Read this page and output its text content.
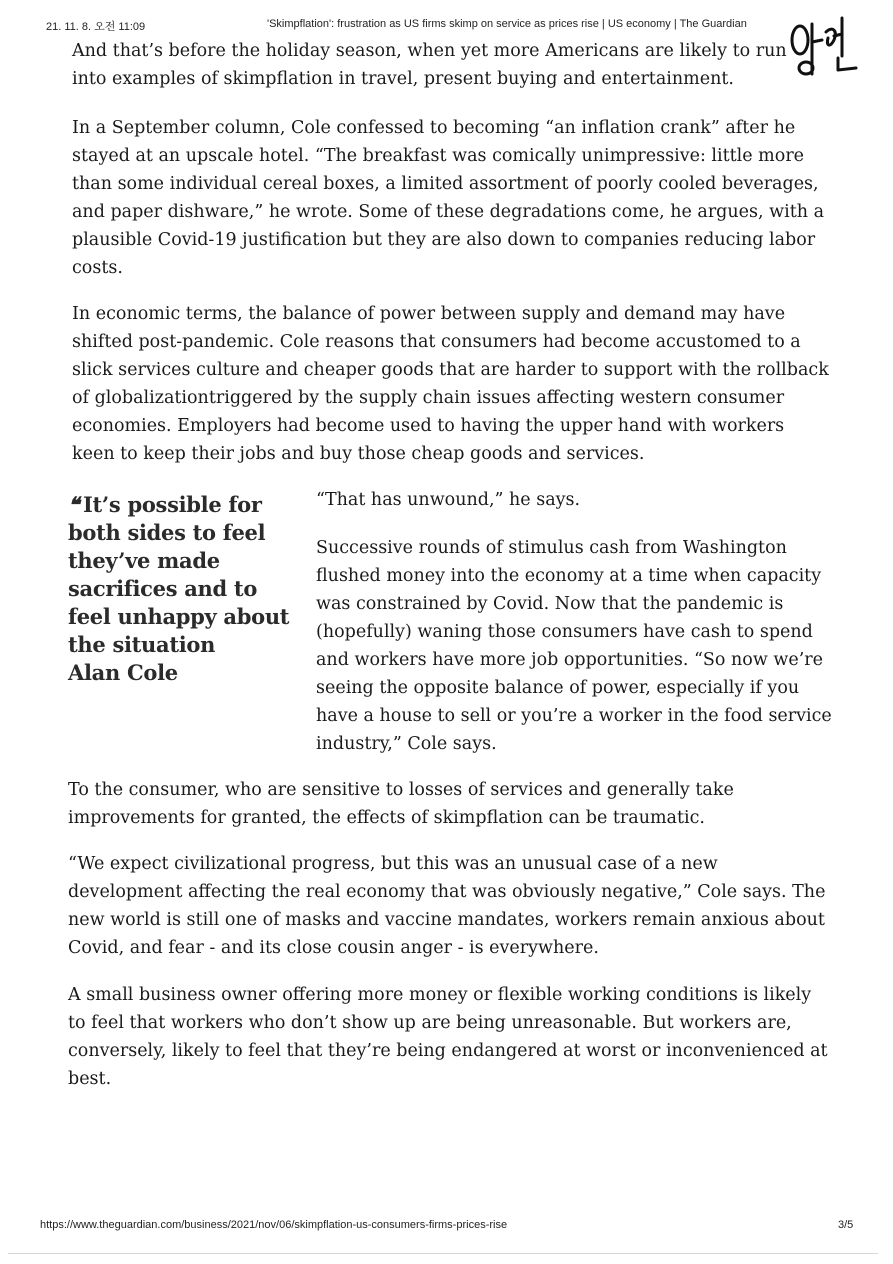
21. 11. 8. 오전 11:09	'Skimpflation': frustration as US firms skimp on service as prices rise | US economy | The Guardian

And that’s before the holiday season, when yet more Americans are likely to run into examples of skimpflation in travel, present buying and entertainment.

In a September column, Cole confessed to becoming “an inflation crank” after he stayed at an upscale hotel. “The breakfast was comically unimpressive: little more than some individual cereal boxes, a limited assortment of poorly cooled beverages, and paper dishware,” he wrote. Some of these degradations come, he argues, with a plausible Covid-19 justification but they are also down to companies reducing labor costs.

In economic terms, the balance of power between supply and demand may have shifted post-pandemic. Cole reasons that consumers had become accustomed to a slick services culture and cheaper goods that are harder to support with the rollback of globalizationtriggered by the supply chain issues affecting western consumer economies. Employers had become used to having the upper hand with workers keen to keep their jobs and buy those cheap goods and services.

❝ It’s possible for both sides to feel they’ve made sacrifices and to feel unhappy about the situation
Alan Cole

“That has unwound,” he says.

Successive rounds of stimulus cash from Washington flushed money into the economy at a time when capacity was constrained by Covid. Now that the pandemic is (hopefully) waning those consumers have cash to spend and workers have more job opportunities. “So now we’re seeing the opposite balance of power, especially if you have a house to sell or you’re a worker in the food service industry,” Cole says.

To the consumer, who are sensitive to losses of services and generally take improvements for granted, the effects of skimpflation can be traumatic.

“We expect civilizational progress, but this was an unusual case of a new development affecting the real economy that was obviously negative,” Cole says. The new world is still one of masks and vaccine mandates, workers remain anxious about Covid, and fear - and its close cousin anger - is everywhere.

A small business owner offering more money or flexible working conditions is likely to feel that workers who don’t show up are being unreasonable. But workers are, conversely, likely to feel that they’re being endangered at worst or inconvenienced at best.

https://www.theguardian.com/business/2021/nov/06/skimpflation-us-consumers-firms-prices-rise	3/5
